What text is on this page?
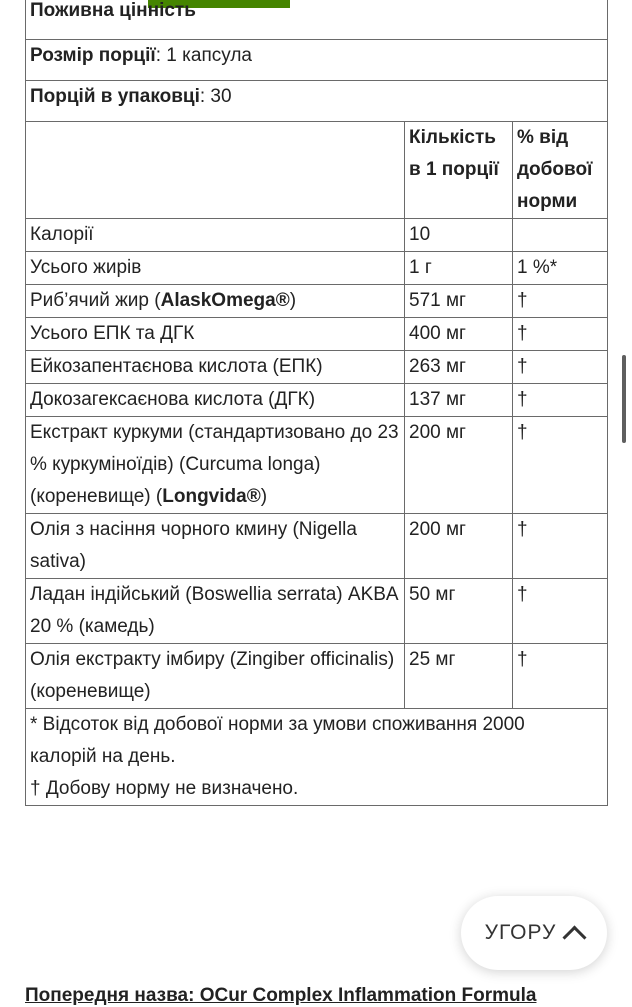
Поживна цінність		
Розмір порції: 1 капсула		
Порцій в упаковці: 30		
	Кількість в 1 порції	% від добової норми
Калорії	10	
Усього жирів	1 г	1 %*
Риб’ячий жир (AlaskOmega®)	571 мг	†
Усього ЕПК та ДГК	400 мг	†
Ейкозапентаєнова кислота (ЕПК)	263 мг	†
Докозагексаєнова кислота (ДГК)	137 мг	†
Екстракт куркуми (стандартизовано до 23 % куркуміноїдів) (Curcuma longa) (кореневище) (Longvida®)	200 мг	†
Олія з насіння чорного кмину (Nigella sativa)	200 мг	†
Ладан індійський (Boswellia serrata) AKBA 20 % (камедь)	50 мг	†
Олія екстракту імбиру (Zingiber officinalis) (кореневище)	25 мг	†

* Відсоток від добової норми за умови споживання 2000 калорій на день.
† Добову норму не визначено.		
Попередня назва: OCur Complex Inflammation Formula
УГОРУ
